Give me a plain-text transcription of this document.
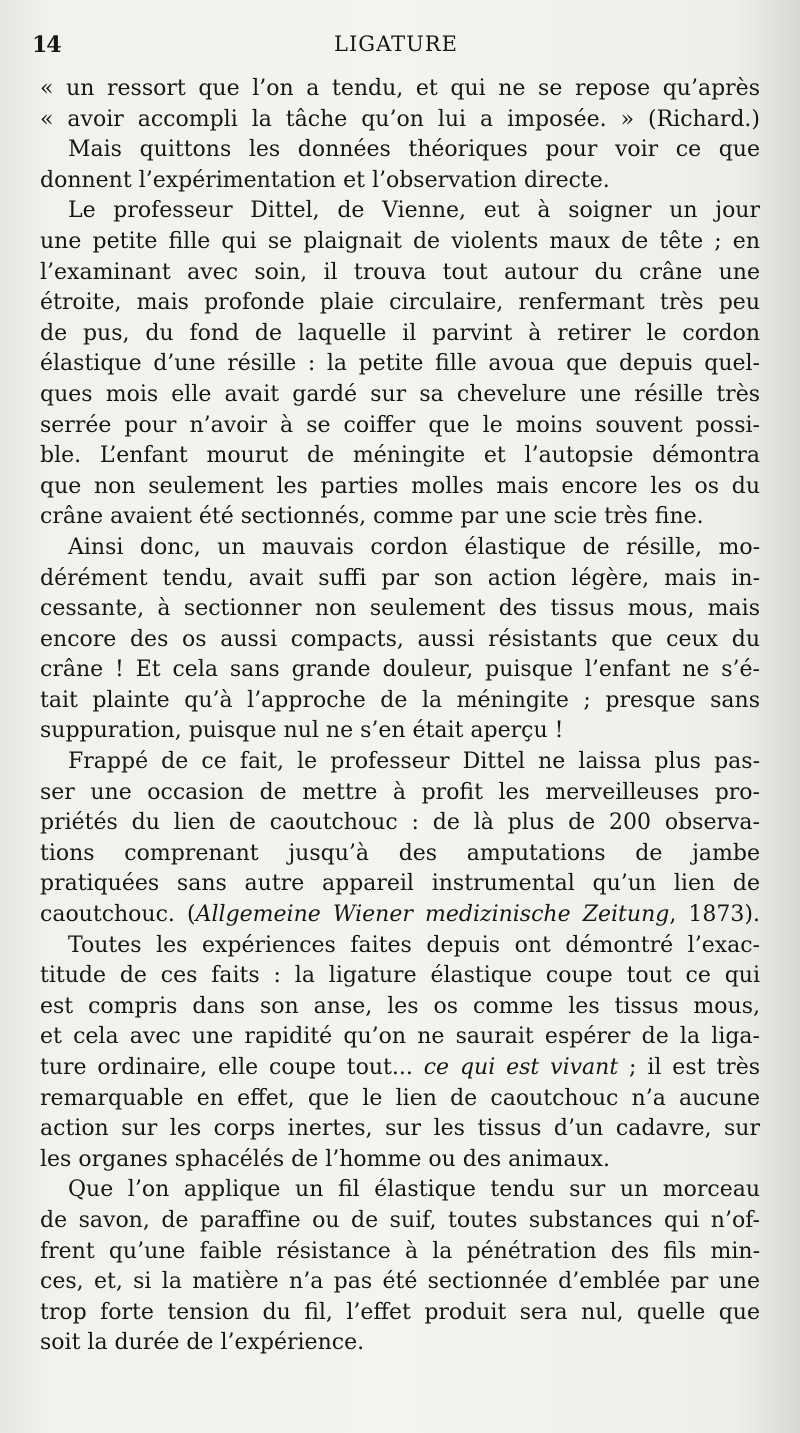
14	LIGATURE
« un ressort que l’on a tendu, et qui ne se repose qu’après
« avoir accompli la tâche qu’on lui a imposée. » (Richard.)
Mais quittons les données théoriques pour voir ce que
donnent l’expérimentation et l’observation directe.
Le professeur Dittel, de Vienne, eut à soigner un jour
une petite fille qui se plaignait de violents maux de tête ; en
l’examinant avec soin, il trouva tout autour du crâne une
étroite, mais profonde plaie circulaire, renfermant très peu
de pus, du fond de laquelle il parvint à retirer le cordon
élastique d’une résille : la petite fille avoua que depuis quel-
ques mois elle avait gardé sur sa chevelure une résille très
serrée pour n’avoir à se coiffer que le moins souvent possi-
ble. L’enfant mourut de méningite et l’autopsie démontra
que non seulement les parties molles mais encore les os du
crâne avaient été sectionnés, comme par une scie très fine.
Ainsi donc, un mauvais cordon élastique de résille, mo-
dérément tendu, avait suffi par son action légère, mais in-
cessante, à sectionner non seulement des tissus mous, mais
encore des os aussi compacts, aussi résistants que ceux du
crâne ! Et cela sans grande douleur, puisque l’enfant ne s’é-
tait plainte qu’à l’approche de la méningite ; presque sans
suppuration, puisque nul ne s’en était aperçu !
Frappé de ce fait, le professeur Dittel ne laissa plus pas-
ser une occasion de mettre à profit les merveilleuses pro-
priétés du lien de caoutchouc : de là plus de 200 observa-
tions comprenant jusqu’à des amputations de jambe
pratiquées sans autre appareil instrumental qu’un lien de
caoutchouc. (Allgemeine Wiener medizinische Zeitung, 1873).
Toutes les expériences faites depuis ont démontré l’exac-
titude de ces faits : la ligature élastique coupe tout ce qui
est compris dans son anse, les os comme les tissus mous,
et cela avec une rapidité qu’on ne saurait espérer de la liga-
ture ordinaire, elle coupe tout... ce qui est vivant ; il est très
remarquable en effet, que le lien de caoutchouc n’a aucune
action sur les corps inertes, sur les tissus d’un cadavre, sur
les organes sphacélés de l’homme ou des animaux.
Que l’on applique un fil élastique tendu sur un morceau
de savon, de paraffine ou de suif, toutes substances qui n’of-
frent qu’une faible résistance à la pénétration des fils min-
ces, et, si la matière n’a pas été sectionnée d’emblée par une
trop forte tension du fil, l’effet produit sera nul, quelle que
soit la durée de l’expérience.
